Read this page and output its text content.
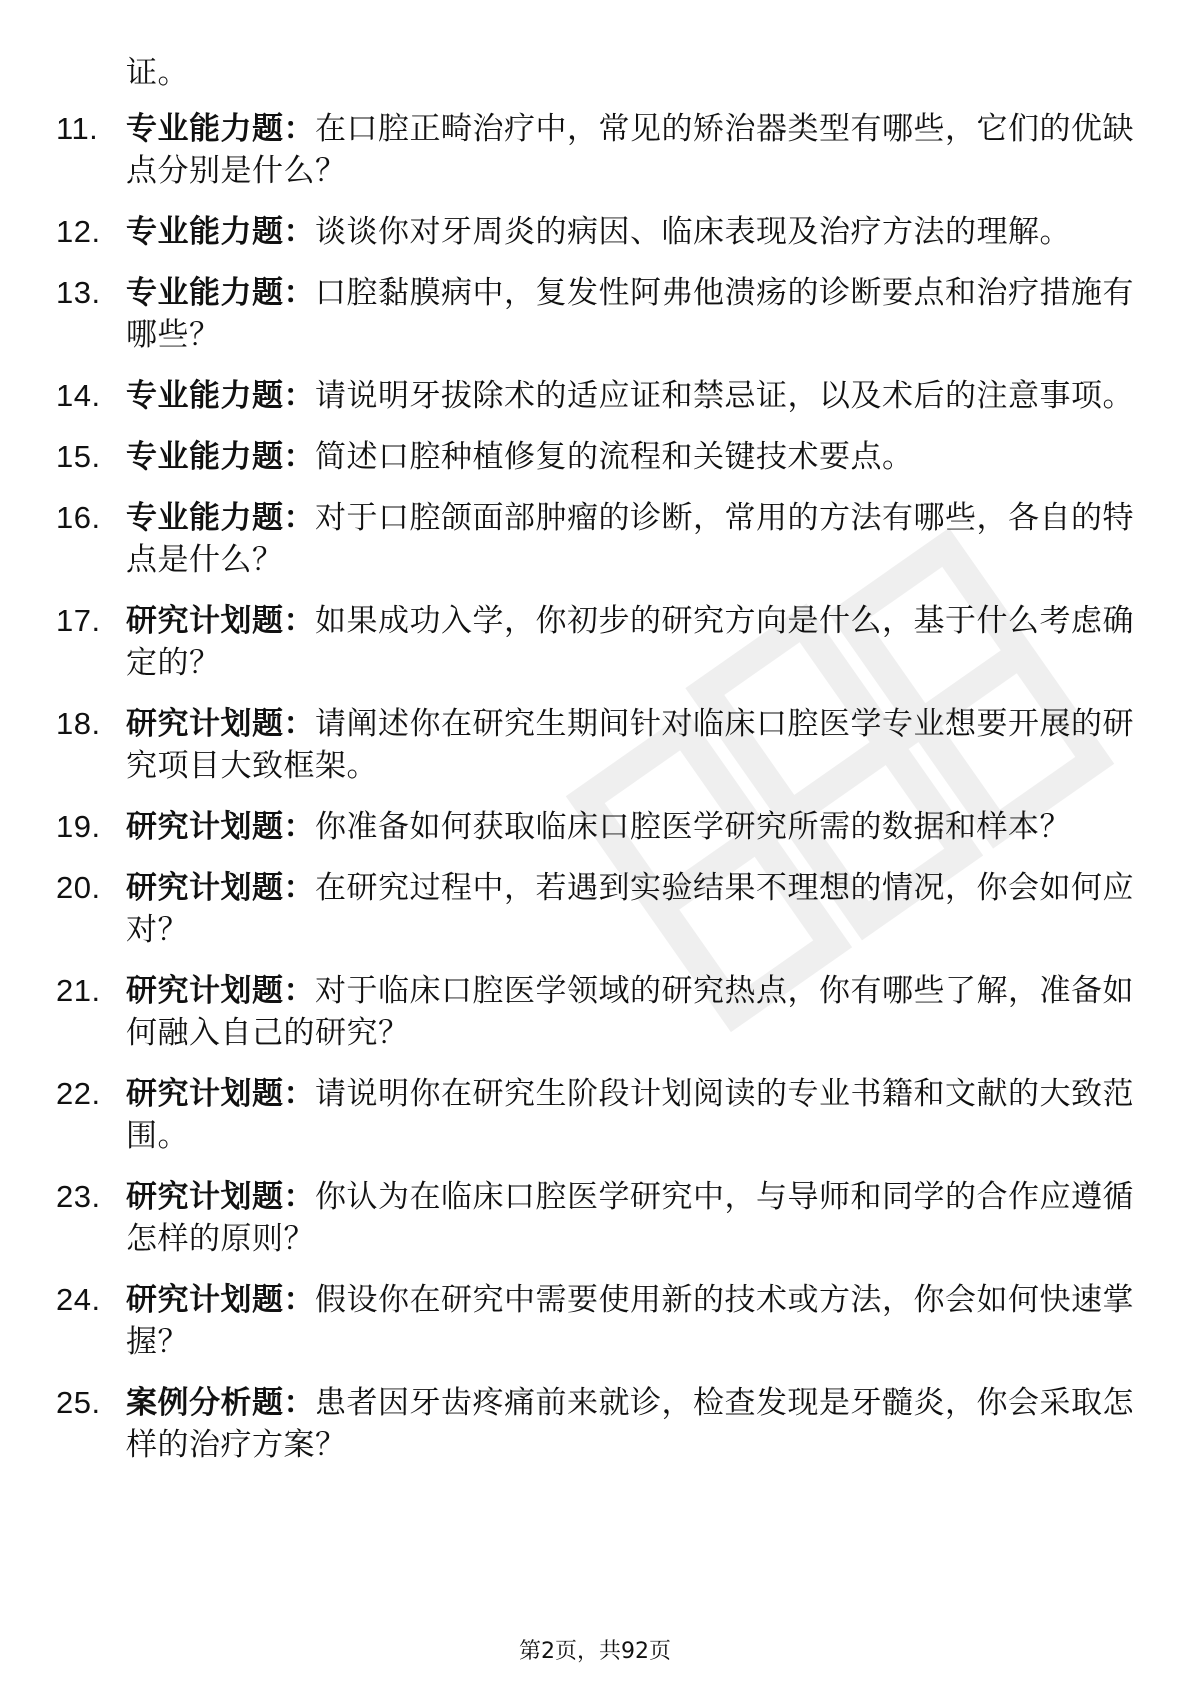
证。
11. 专业能力题：在口腔正畸治疗中，常见的矫治器类型有哪些，它们的优缺点分别是什么？
12. 专业能力题：谈谈你对牙周炎的病因、临床表现及治疗方法的理解。
13. 专业能力题：口腔黏膜病中，复发性阿弗他溃疡的诊断要点和治疗措施有哪些？
14. 专业能力题：请说明牙拔除术的适应证和禁忌证，以及术后的注意事项。
15. 专业能力题：简述口腔种植修复的流程和关键技术要点。
16. 专业能力题：对于口腔颌面部肿瘤的诊断，常用的方法有哪些，各自的特点是什么？
17. 研究计划题：如果成功入学，你初步的研究方向是什么，基于什么考虑确定的？
18. 研究计划题：请阐述你在研究生期间针对临床口腔医学专业想要开展的研究项目大致框架。
19. 研究计划题：你准备如何获取临床口腔医学研究所需的数据和样本？
20. 研究计划题：在研究过程中，若遇到实验结果不理想的情况，你会如何应对？
21. 研究计划题：对于临床口腔医学领域的研究热点，你有哪些了解，准备如何融入自己的研究？
22. 研究计划题：请说明你在研究生阶段计划阅读的专业书籍和文献的大致范围。
23. 研究计划题：你认为在临床口腔医学研究中，与导师和同学的合作应遵循怎样的原则？
24. 研究计划题：假设你在研究中需要使用新的技术或方法，你会如何快速掌握？
25. 案例分析题：患者因牙齿疼痛前来就诊，检查发现是牙髓炎，你会采取怎样的治疗方案？
第2页，共92页
